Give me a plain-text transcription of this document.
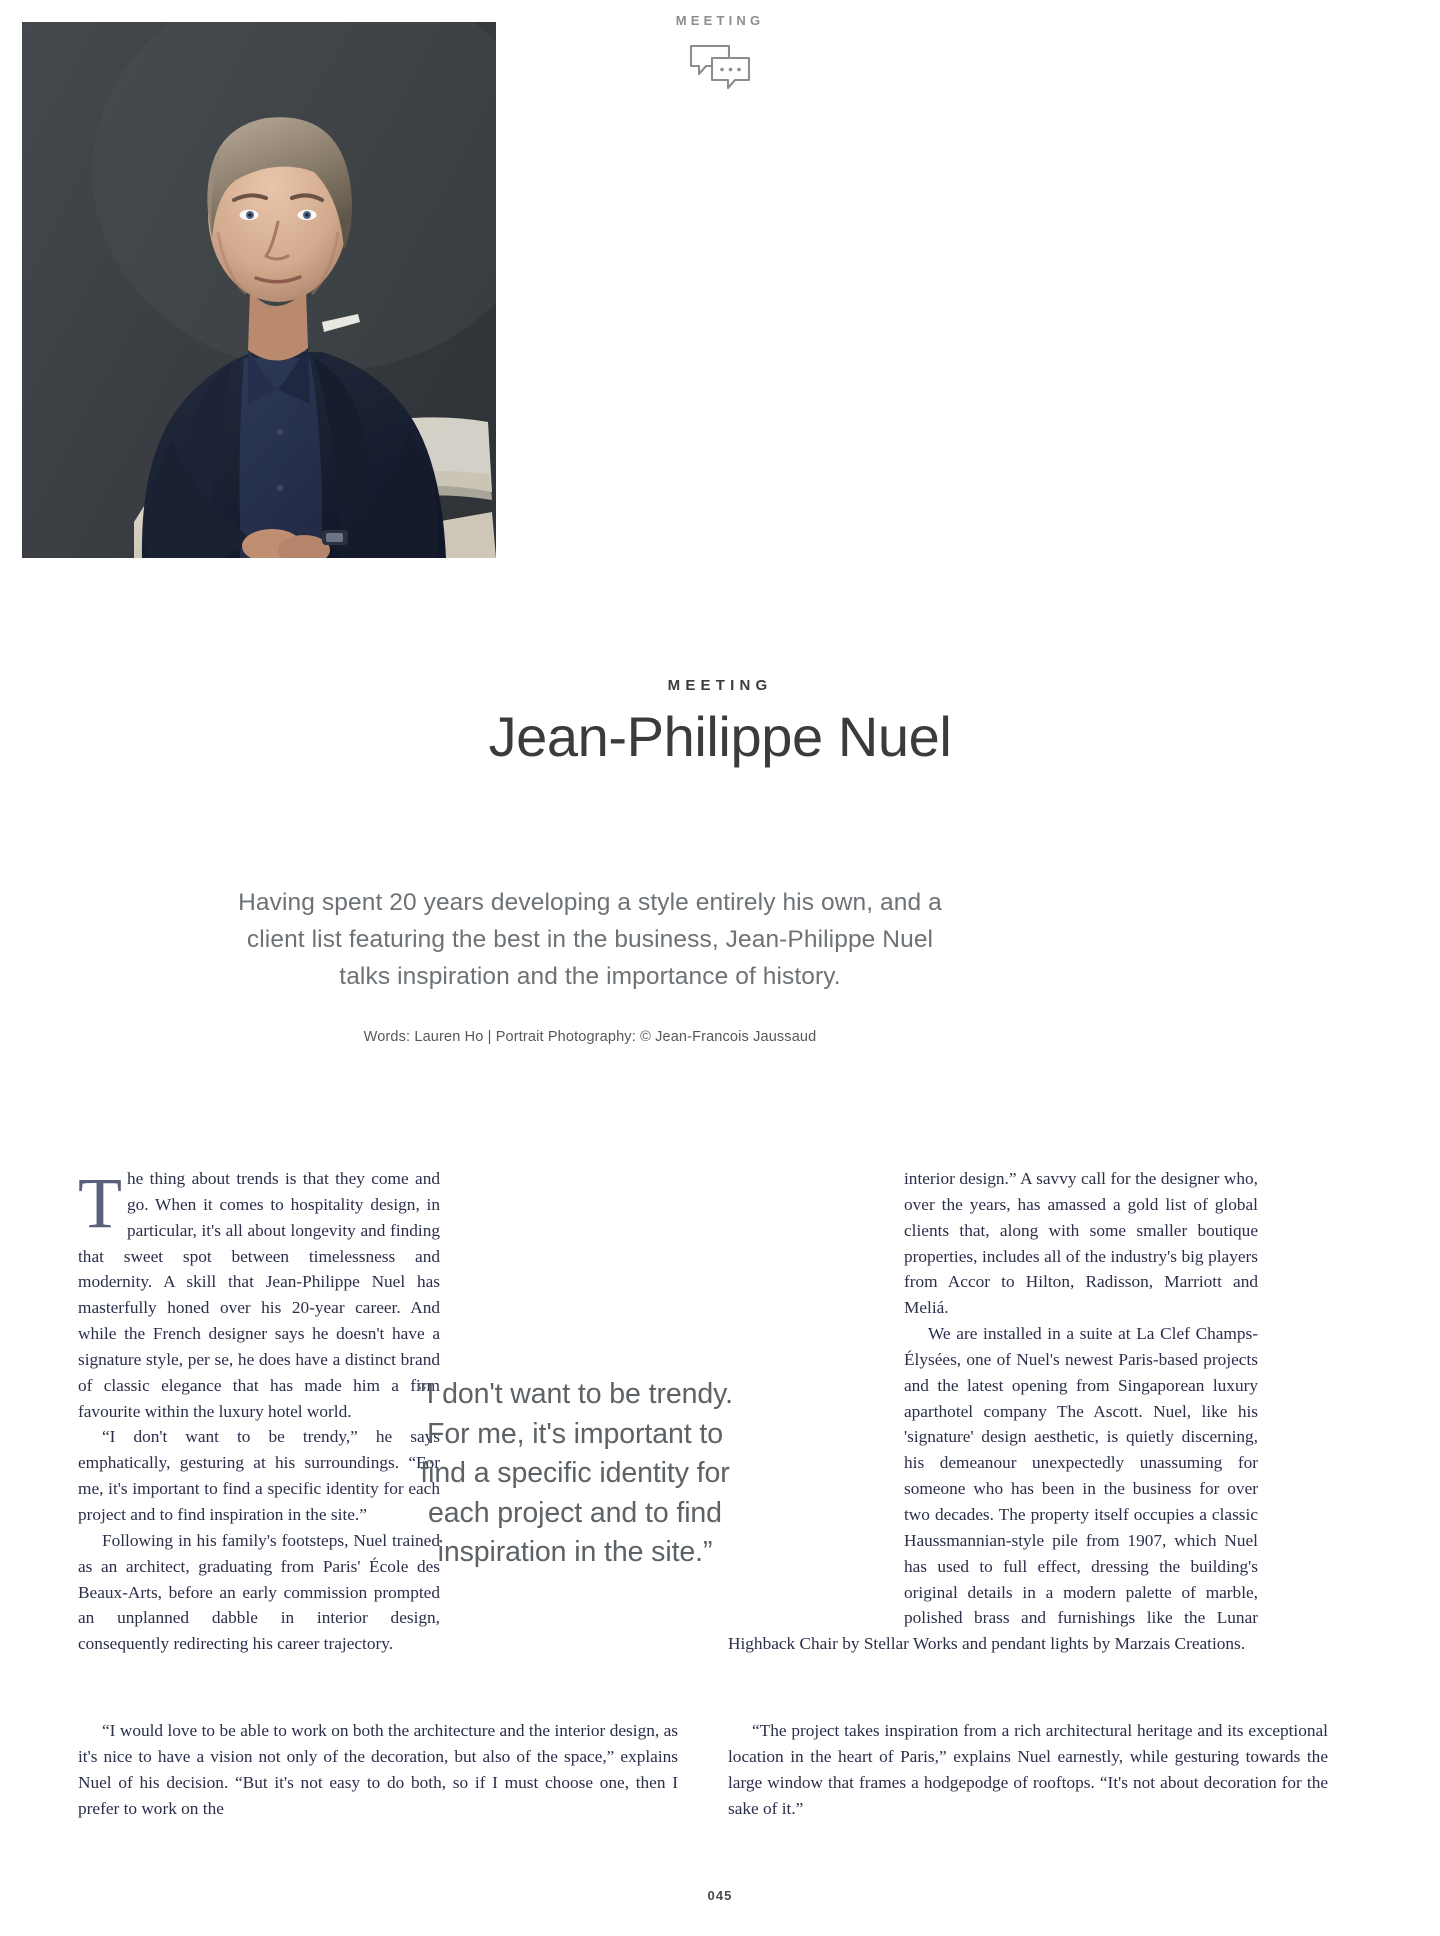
MEETING
MEETING
Jean-Philippe Nuel
Having spent 20 years developing a style entirely his own, and a client list featuring the best in the business, Jean-Philippe Nuel talks inspiration and the importance of history.
Words: Lauren Ho | Portrait Photography: © Jean-Francois Jaussaud

The thing about trends is that they come and go. When it comes to hospitality design, in particular, it's all about longevity and finding that sweet spot between timelessness and modernity. A skill that Jean-Philippe Nuel has masterfully honed over his 20-year career. And while the French designer says he doesn't have a signature style, per se, he does have a distinct brand of classic elegance that has made him a firm favourite within the luxury hotel world.

“I don't want to be trendy,” he says emphatically, gesturing at his surroundings. “For me, it's important to find a specific identity for each project and to find inspiration in the site.”

Following in his family's footsteps, Nuel trained as an architect, graduating from Paris' École des Beaux-Arts, before an early commission prompted an unplanned dabble in interior design, consequently redirecting his career trajectory.

interior design.” A savvy call for the designer who, over the years, has amassed a gold list of global clients that, along with some smaller boutique properties, includes all of the industry's big players from Accor to Hilton, Radisson, Marriott and Meliá.

We are installed in a suite at La Clef Champs-Élysées, one of Nuel's newest Paris-based projects and the latest opening from Singaporean luxury aparthotel company The Ascott. Nuel, like his 'signature' design aesthetic, is quietly discerning, his demeanour unexpectedly unassuming for someone who has been in the business for over two decades. The property itself occupies a classic Haussmannian-style pile from 1907, which Nuel has used to full effect, dressing the building's original details in a modern palette of marble, polished brass and furnishings like the Lunar Highback Chair by Stellar Works and pendant lights by Marzais Creations.

“I don't want to be trendy. For me, it's important to find a specific identity for each project and to find inspiration in the site.”

“I would love to be able to work on both the architecture and the interior design, as it's nice to have a vision not only of the decoration, but also of the space,” explains Nuel of his decision. “But it's not easy to do both, so if I must choose one, then I prefer to work on the

“The project takes inspiration from a rich architectural heritage and its exceptional location in the heart of Paris,” explains Nuel earnestly, while gesturing towards the large window that frames a hodgepodge of rooftops. “It's not about decoration for the sake of it.”

045
